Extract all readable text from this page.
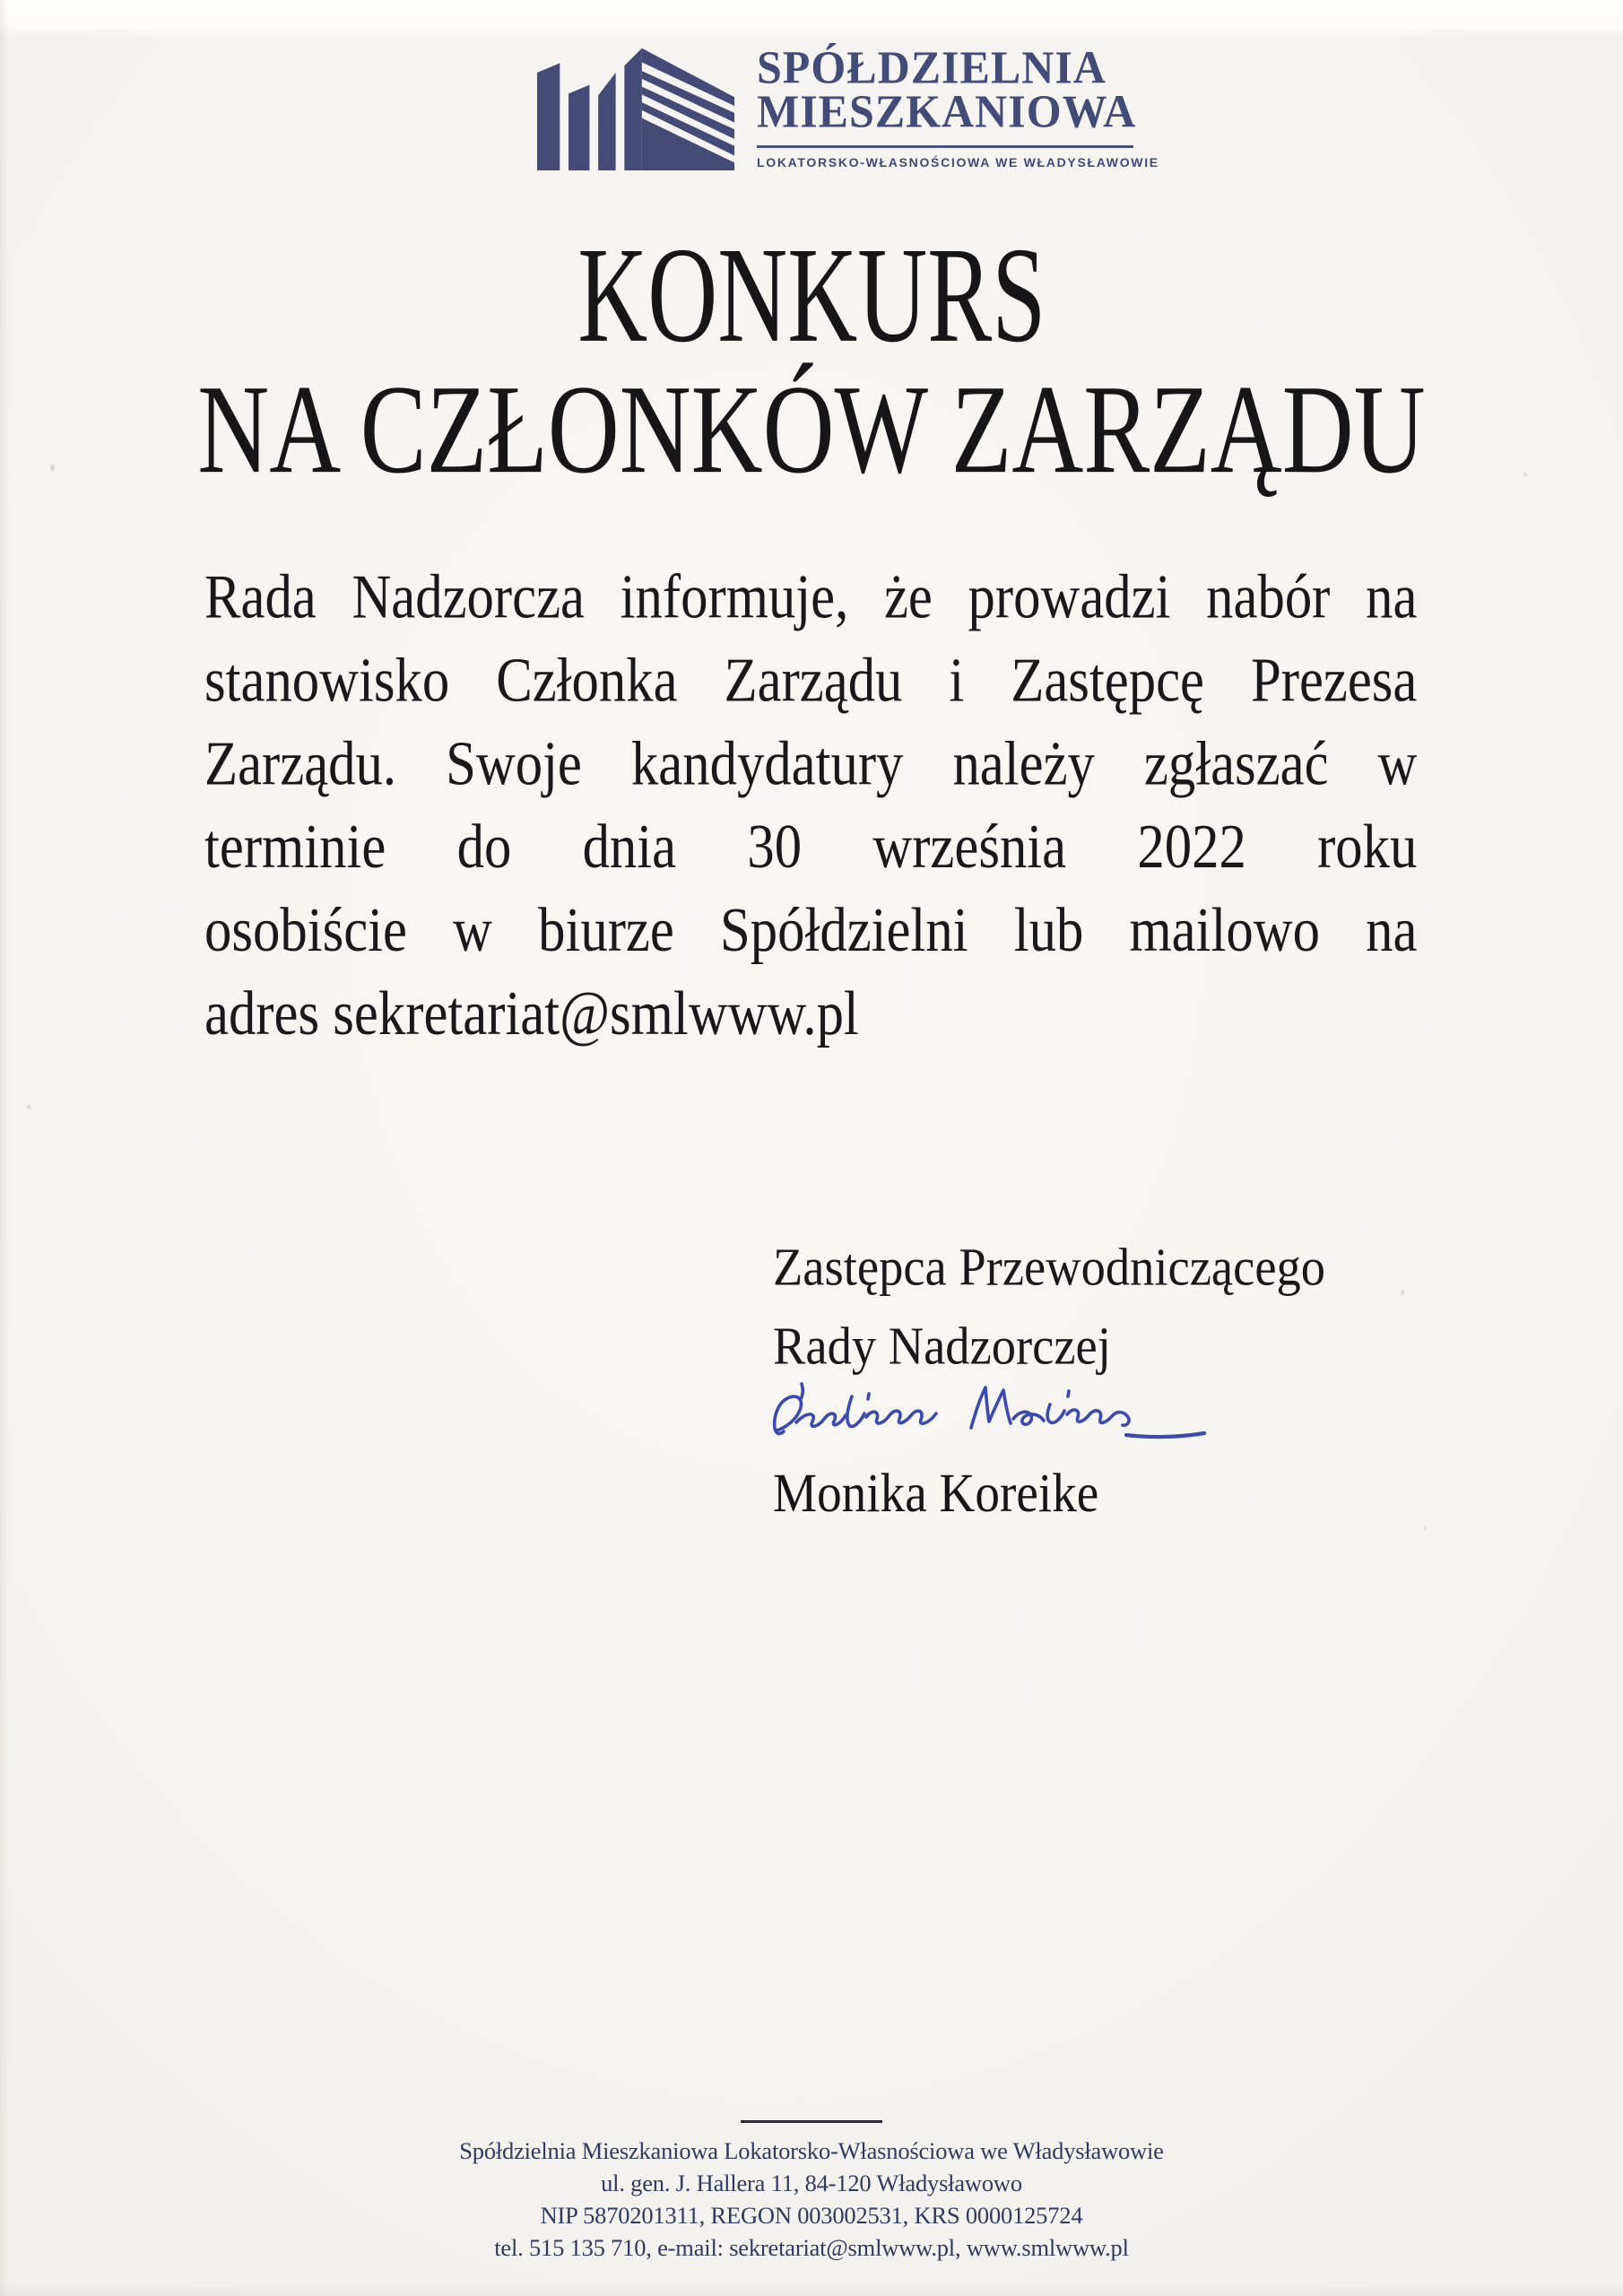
SPÓŁDZIELNIA
MIESZKANIOWA
LOKATORSKO-WŁASNOŚCIOWA WE WŁADYSŁAWOWIE
KONKURS
NA CZŁONKÓW ZARZĄDU
Rada Nadzorcza informuje, że prowadzi nabór na
stanowisko Członka Zarządu i Zastępcę Prezesa
Zarządu. Swoje kandydatury należy zgłaszać w
terminie do dnia 30 września 2022 roku
osobiście w biurze Spółdzielni lub mailowo na
adres sekretariat@smlwww.pl
Zastępca Przewodniczącego
Rady Nadzorczej
Monika Koreike
Spółdzielnia Mieszkaniowa Lokatorsko-Własnościowa we Władysławowie
ul. gen. J. Hallera 11, 84-120 Władysławowo
NIP 5870201311, REGON 003002531, KRS 0000125724
tel. 515 135 710, e-mail: sekretariat@smlwww.pl, www.smlwww.pl
